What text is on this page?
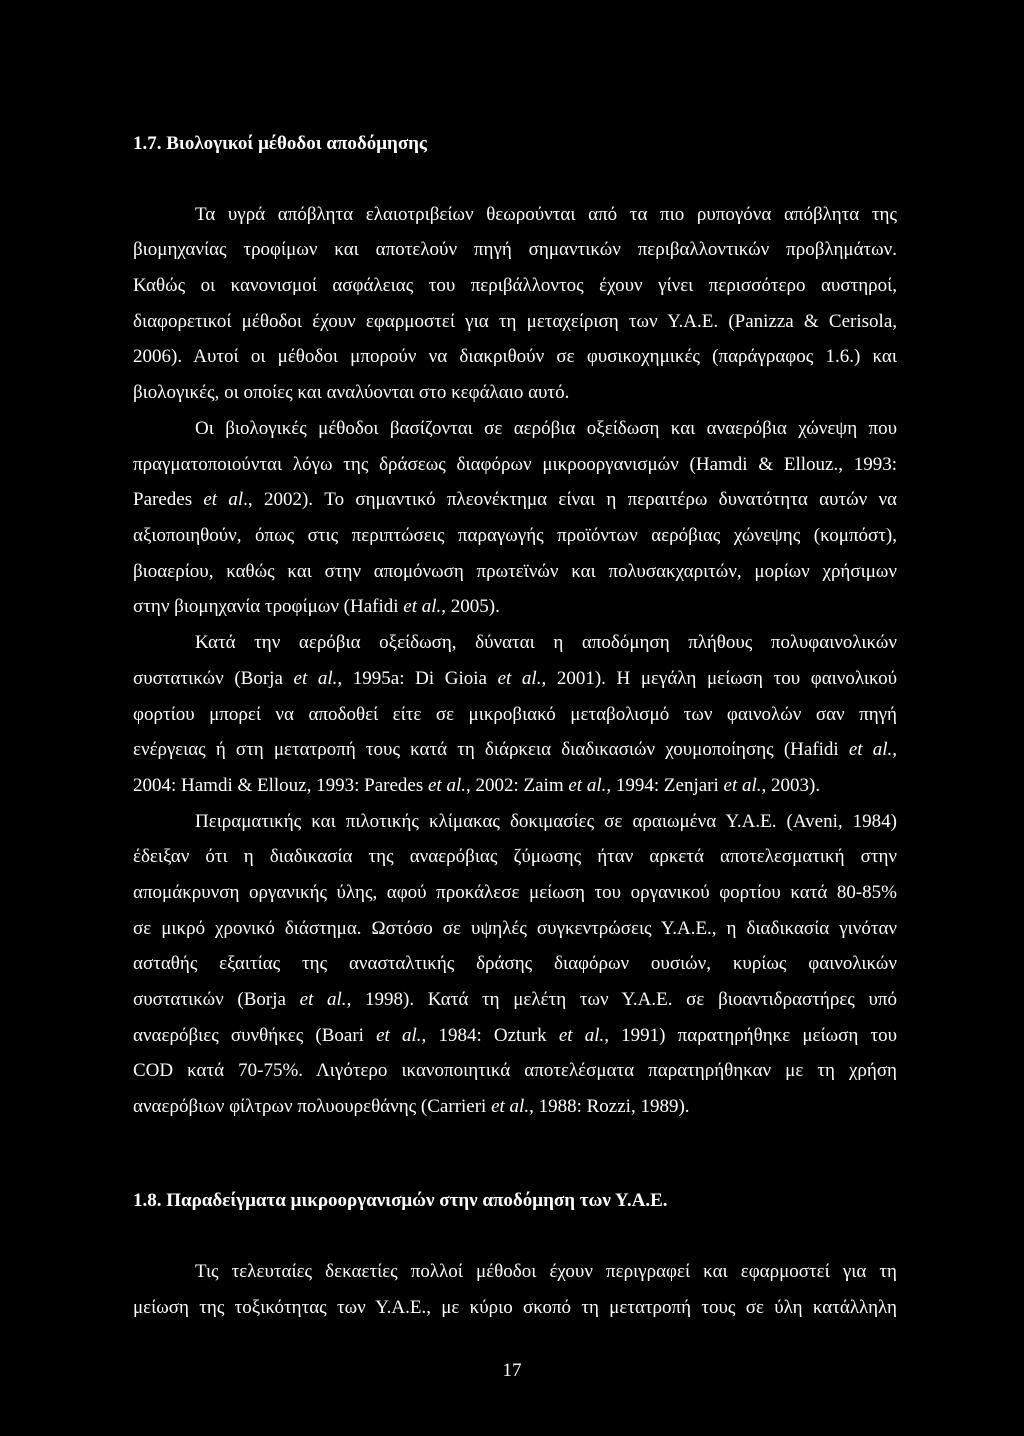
1.7. Βιολογικοί μέθοδοι αποδόμησης
Τα υγρά απόβλητα ελαιοτριβείων θεωρούνται από τα πιο ρυπογόνα απόβλητα της
βιομηχανίας τροφίμων και αποτελούν πηγή σημαντικών περιβαλλοντικών προβλημάτων.
Καθώς οι κανονισμοί ασφάλειας του περιβάλλοντος έχουν γίνει περισσότερο αυστηροί,
διαφορετικοί μέθοδοι έχουν εφαρμοστεί για τη μεταχείριση των Υ.Α.Ε. (Panizza & Cerisola,
2006). Αυτοί οι μέθοδοι μπορούν να διακριθούν σε φυσικοχημικές (παράγραφος 1.6.) και
βιολογικές, οι οποίες και αναλύονται στο κεφάλαιο αυτό.
Οι βιολογικές μέθοδοι βασίζονται σε αερόβια οξείδωση και αναερόβια χώνεψη που
πραγματοποιούνται λόγω της δράσεως διαφόρων μικροοργανισμών (Hamdi & Ellouz., 1993:
Paredes et al., 2002). Το σημαντικό πλεονέκτημα είναι η περαιτέρω δυνατότητα αυτών να
αξιοποιηθούν, όπως στις περιπτώσεις παραγωγής προϊόντων αερόβιας χώνεψης (κομπόστ),
βιοαερίου, καθώς και στην απομόνωση πρωτεϊνών και πολυσακχαριτών, μορίων χρήσιμων
στην βιομηχανία τροφίμων (Hafidi et al., 2005).
Κατά την αερόβια οξείδωση, δύναται η αποδόμηση πλήθους πολυφαινολικών
συστατικών (Borja et al., 1995a: Di Gioia et al., 2001). Η μεγάλη μείωση του φαινολικού
φορτίου μπορεί να αποδοθεί είτε σε μικροβιακό μεταβολισμό των φαινολών σαν πηγή
ενέργειας ή στη μετατροπή τους κατά τη διάρκεια διαδικασιών χουμοποίησης (Hafidi et al.,
2004: Hamdi & Ellouz, 1993: Paredes et al., 2002: Zaim et al., 1994: Zenjari et al., 2003).
Πειραματικής και πιλοτικής κλίμακας δοκιμασίες σε αραιωμένα Υ.Α.Ε. (Aveni, 1984)
έδειξαν ότι η διαδικασία της αναερόβιας ζύμωσης ήταν αρκετά αποτελεσματική στην
απομάκρυνση οργανικής ύλης, αφού προκάλεσε μείωση του οργανικού φορτίου κατά 80-85%
σε μικρό χρονικό διάστημα. Ωστόσο σε υψηλές συγκεντρώσεις Υ.Α.Ε., η διαδικασία γινόταν
ασταθής εξαιτίας της ανασταλτικής δράσης διαφόρων ουσιών, κυρίως φαινολικών
συστατικών (Borja et al., 1998). Κατά τη μελέτη των Υ.Α.Ε. σε βιοαντιδραστήρες υπό
αναερόβιες συνθήκες (Boari et al., 1984: Ozturk et al., 1991) παρατηρήθηκε μείωση του
COD κατά 70-75%. Λιγότερο ικανοποιητικά αποτελέσματα παρατηρήθηκαν με τη χρήση
αναερόβιων φίλτρων πολυουρεθάνης (Carrieri et al., 1988: Rozzi, 1989).
1.8. Παραδείγματα μικροοργανισμών στην αποδόμηση των Υ.Α.Ε.
Τις τελευταίες δεκαετίες πολλοί μέθοδοι έχουν περιγραφεί και εφαρμοστεί για τη
μείωση της τοξικότητας των Υ.Α.Ε., με κύριο σκοπό τη μετατροπή τους σε ύλη κατάλληλη
17
